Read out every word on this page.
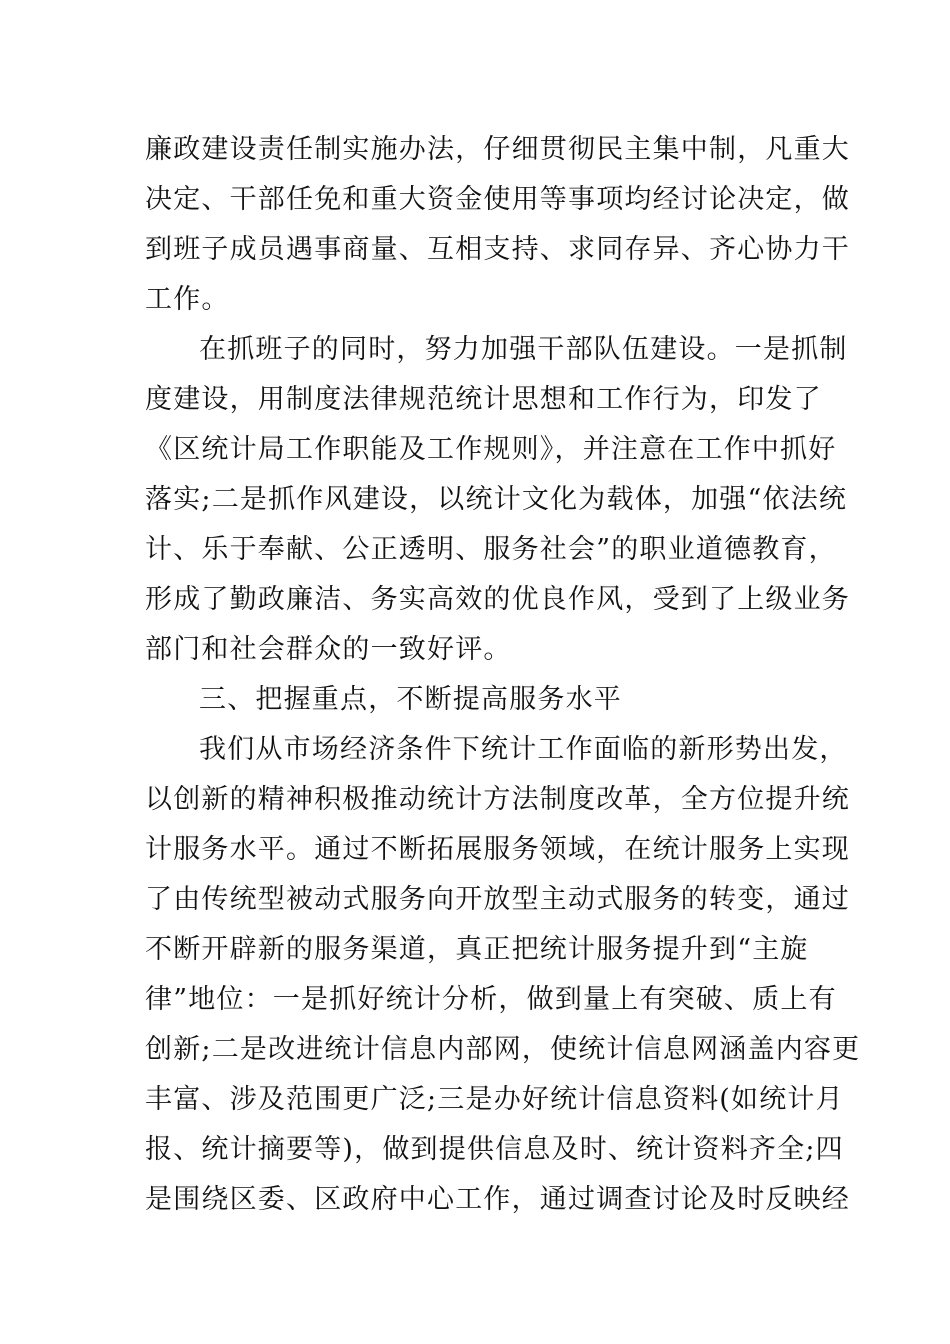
廉政建设责任制实施办法，仔细贯彻民主集中制，凡重大
决定、干部任免和重大资金使用等事项均经讨论决定，做
到班子成员遇事商量、互相支持、求同存异、齐心协力干
工作。
在抓班子的同时，努力加强干部队伍建设。一是抓制
度建设，用制度法律规范统计思想和工作行为，印发了
《区统计局工作职能及工作规则》，并注意在工作中抓好
落实;二是抓作风建设，以统计文化为载体，加强“依法统
计、乐于奉献、公正透明、服务社会”的职业道德教育，
形成了勤政廉洁、务实高效的优良作风，受到了上级业务
部门和社会群众的一致好评。
三、把握重点，不断提高服务水平
我们从市场经济条件下统计工作面临的新形势出发，
以创新的精神积极推动统计方法制度改革，全方位提升统
计服务水平。通过不断拓展服务领域，在统计服务上实现
了由传统型被动式服务向开放型主动式服务的转变，通过
不断开辟新的服务渠道，真正把统计服务提升到“主旋
律”地位：一是抓好统计分析，做到量上有突破、质上有
创新;二是改进统计信息内部网，使统计信息网涵盖内容更
丰富、涉及范围更广泛;三是办好统计信息资料(如统计月
报、统计摘要等)，做到提供信息及时、统计资料齐全;四
是围绕区委、区政府中心工作，通过调查讨论及时反映经
